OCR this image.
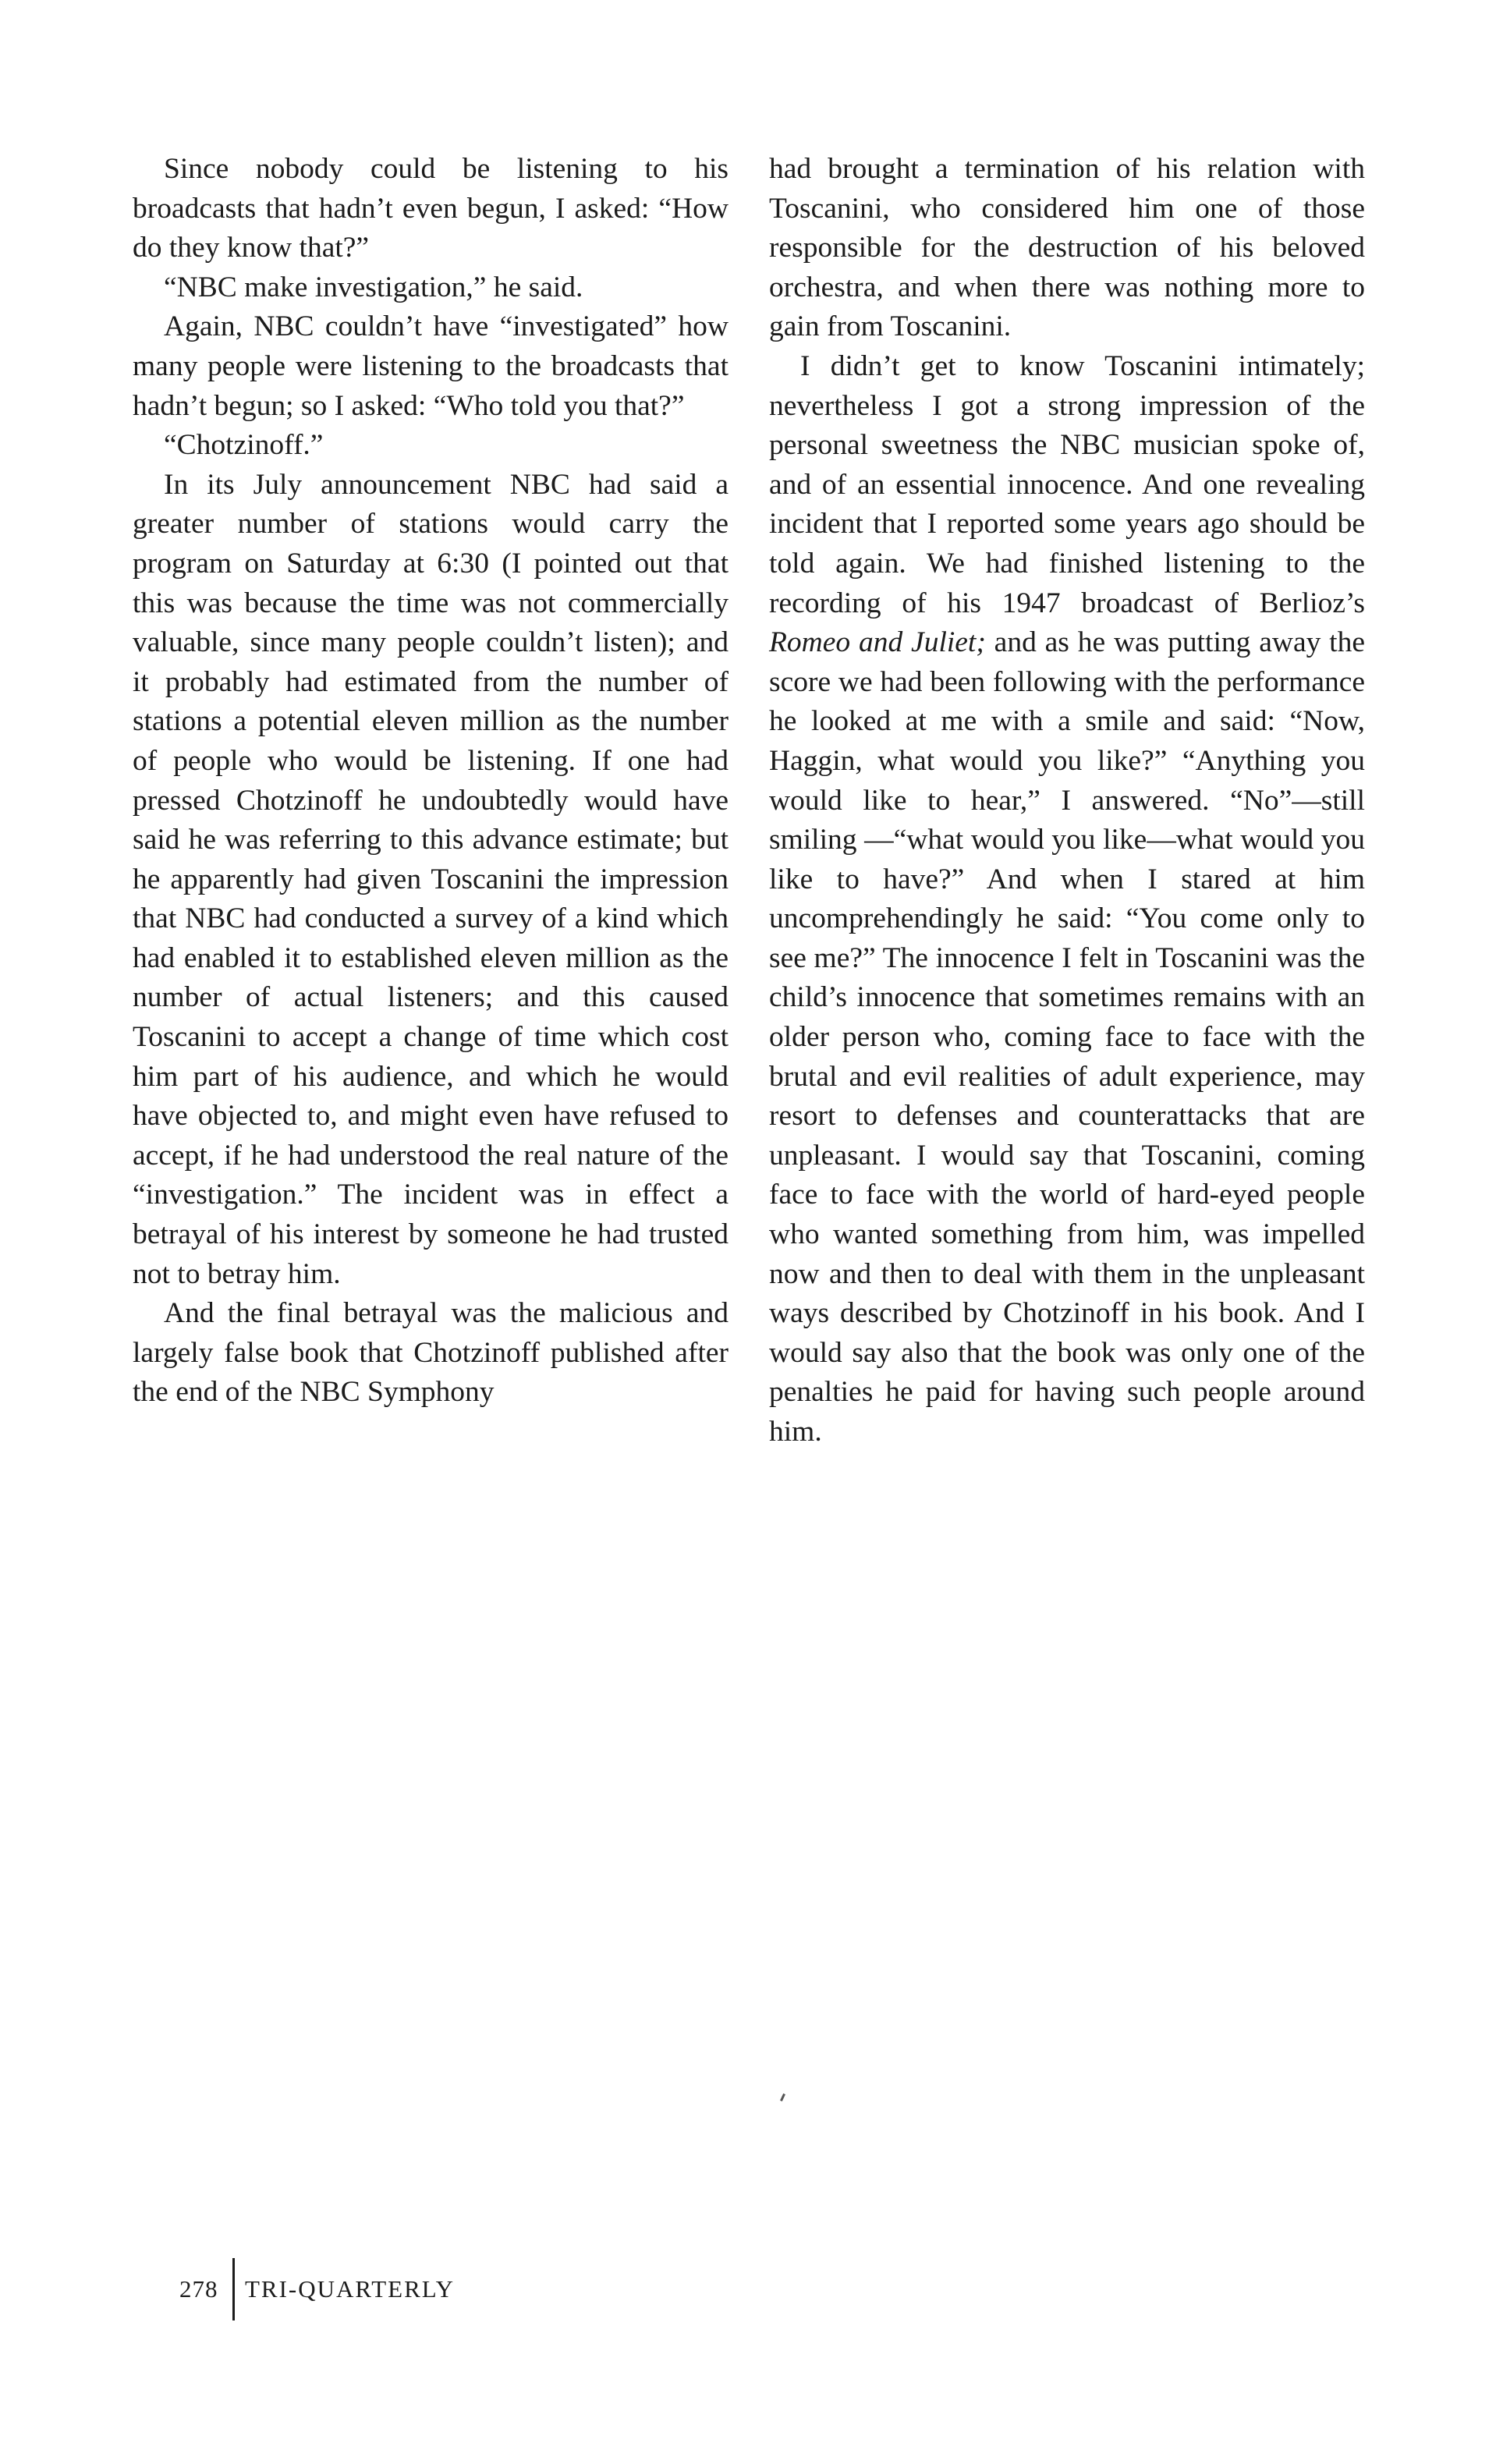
Since nobody could be listening to his broadcasts that hadn’t even begun, I asked: “How do they know that?”

“NBC make investigation,” he said.

Again, NBC couldn’t have “investigated” how many people were listening to the broadcasts that hadn’t begun; so I asked: “Who told you that?”

“Chotzinoff.”

In its July announcement NBC had said a greater number of stations would carry the program on Saturday at 6:30 (I pointed out that this was because the time was not commercially valuable, since many people couldn’t listen); and it probably had estimated from the number of stations a potential eleven million as the number of people who would be listening. If one had pressed Chotzinoff he undoubtedly would have said he was referring to this advance estimate; but he apparently had given Toscanini the impression that NBC had conducted a survey of a kind which had enabled it to established eleven million as the number of actual listeners; and this caused Toscanini to accept a change of time which cost him part of his audience, and which he would have objected to, and might even have refused to accept, if he had understood the real nature of the “investigation.” The incident was in effect a betrayal of his interest by someone he had trusted not to betray him.

And the final betrayal was the malicious and largely false book that Chotzinoff published after the end of the NBC Symphony

had brought a termination of his relation with Toscanini, who considered him one of those responsible for the destruction of his beloved orchestra, and when there was nothing more to gain from Toscanini.

I didn’t get to know Toscanini intimately; nevertheless I got a strong impression of the personal sweetness the NBC musician spoke of, and of an essential innocence. And one revealing incident that I reported some years ago should be told again. We had finished listening to the recording of his 1947 broadcast of Berlioz’s Romeo and Juliet; and as he was putting away the score we had been following with the performance he looked at me with a smile and said: “Now, Haggin, what would you like?” “Anything you would like to hear,” I answered. “No”—still smiling —“what would you like—what would you like to have?” And when I stared at him uncomprehendingly he said: “You come only to see me?” The innocence I felt in Toscanini was the child’s innocence that sometimes remains with an older person who, coming face to face with the brutal and evil realities of adult experience, may resort to defenses and counterattacks that are unpleasant. I would say that Toscanini, coming face to face with the world of hard-eyed people who wanted something from him, was impelled now and then to deal with them in the unpleasant ways described by Chotzinoff in his book. And I would say also that the book was only one of the penalties he paid for having such people around him.

278 TRI-QUARTERLY
